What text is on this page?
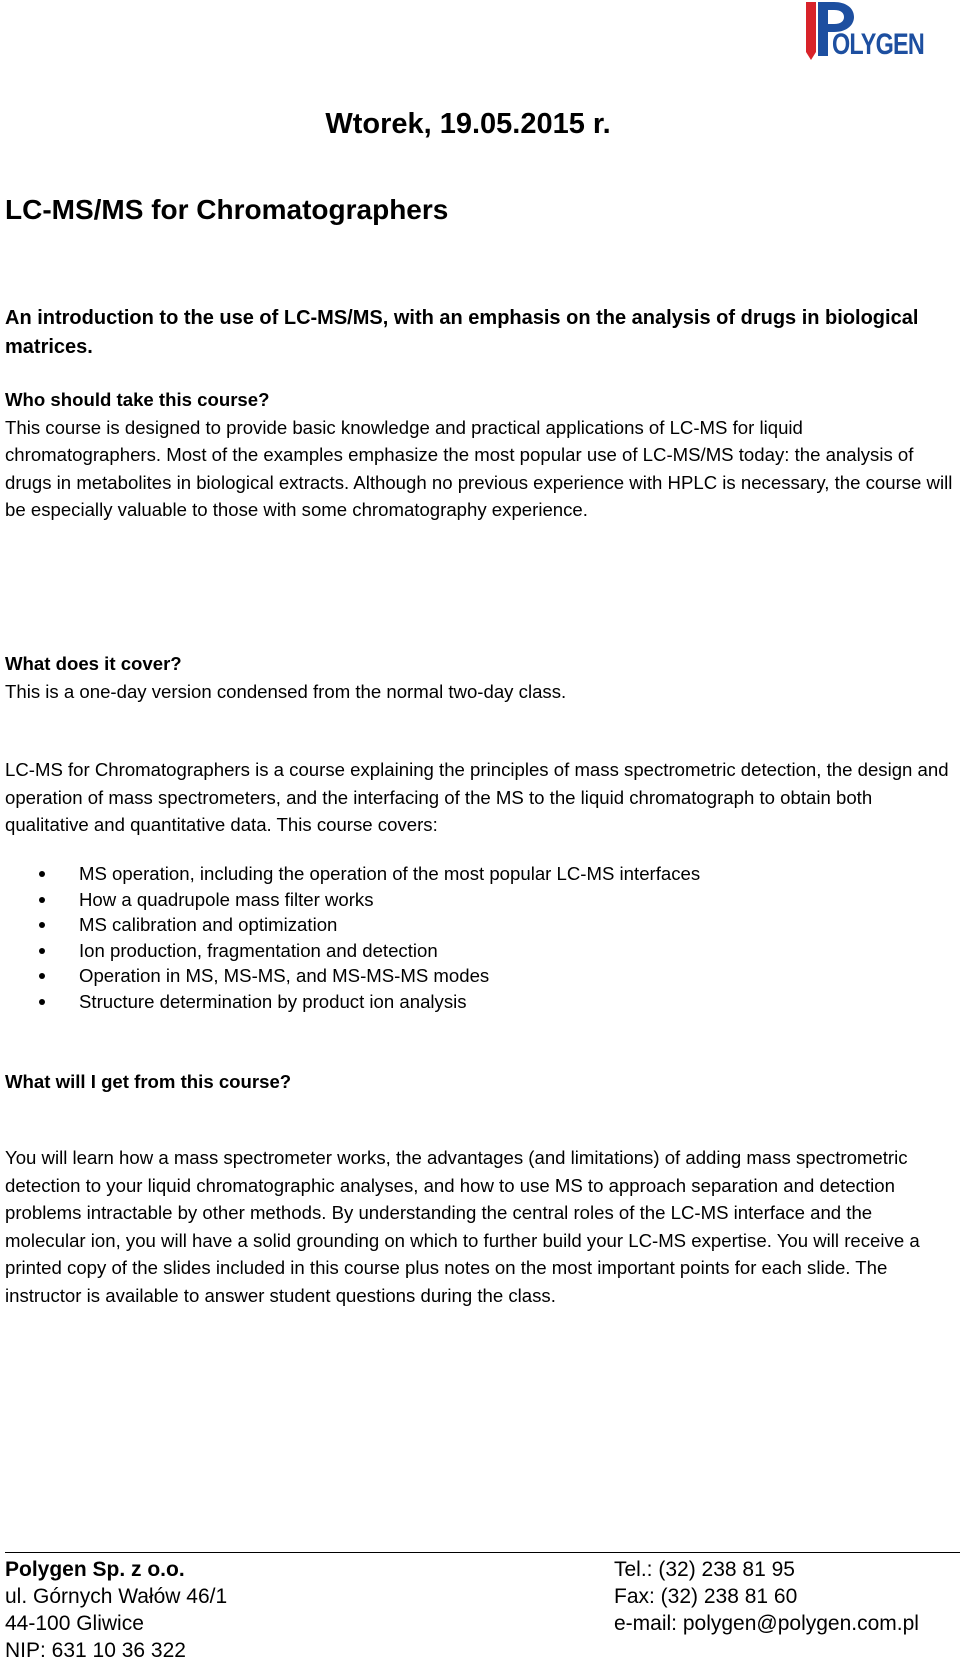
OLYGEN
Wtorek, 19.05.2015 r.
LC-MS/MS for Chromatographers
An introduction to the use of LC-MS/MS, with an emphasis on the analysis of drugs in biological matrices.
Who should take this course?
This course is designed to provide basic knowledge and practical applications of LC-MS for liquid chromatographers. Most of the examples emphasize the most popular use of LC-MS/MS today: the analysis of drugs in metabolites in biological extracts. Although no previous experience with HPLC is necessary, the course will be especially valuable to those with some chromatography experience.
What does it cover?
This is a one-day version condensed from the normal two-day class.
LC-MS for Chromatographers is a course explaining the principles of mass spectrometric detection, the design and operation of mass spectrometers, and the interfacing of the MS to the liquid chromatograph to obtain both qualitative and quantitative data. This course covers:
MS operation, including the operation of the most popular LC-MS interfaces
How a quadrupole mass filter works
MS calibration and optimization
Ion production, fragmentation and detection
Operation in MS, MS-MS, and MS-MS-MS modes
Structure determination by product ion analysis
What will I get from this course?
You will learn how a mass spectrometer works, the advantages (and limitations) of adding mass spectrometric detection to your liquid chromatographic analyses, and how to use MS to approach separation and detection problems intractable by other methods. By understanding the central roles of the LC-MS interface and the molecular ion, you will have a solid grounding on which to further build your LC-MS expertise. You will receive a printed copy of the slides included in this course plus notes on the most important points for each slide. The instructor is available to answer student questions during the class.
Polygen Sp. z o.o.
ul. Górnych Wałów 46/1
44-100 Gliwice
NIP: 631 10 36 322
Tel.: (32) 238 81 95
Fax: (32) 238 81 60
e-mail: polygen@polygen.com.pl
